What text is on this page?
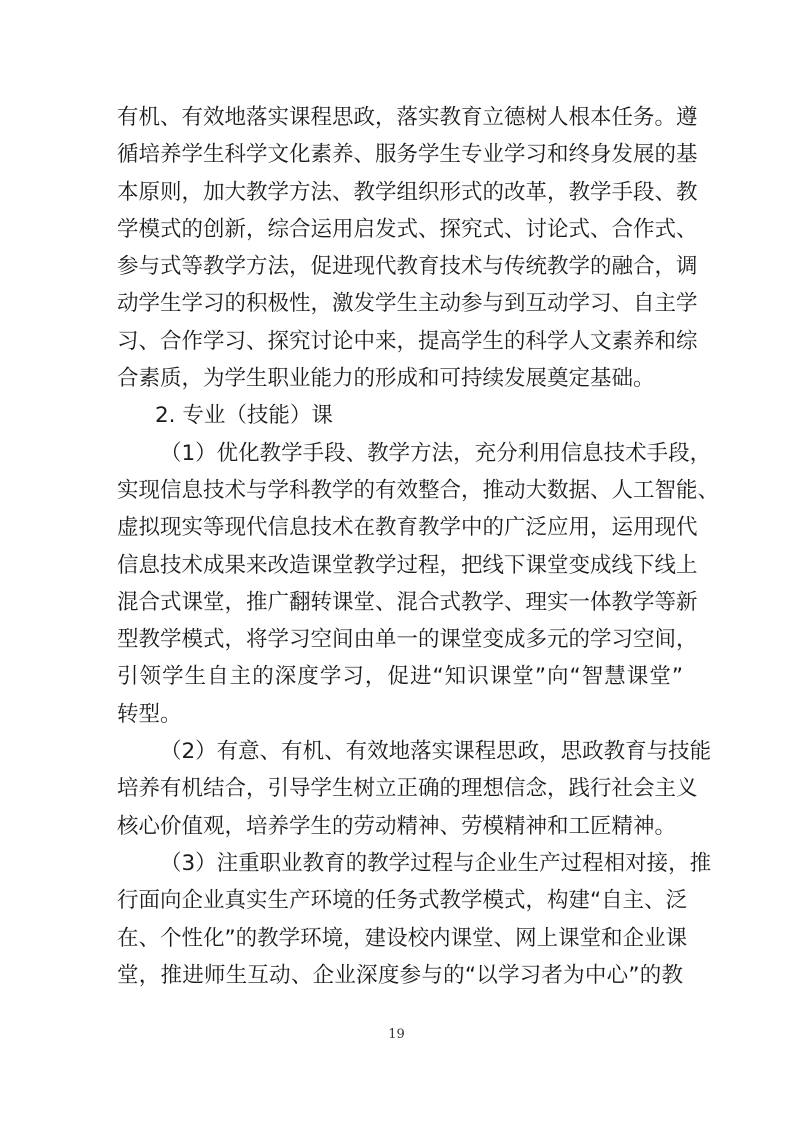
有机、有效地落实课程思政，落实教育立德树人根本任务。遵
循培养学生科学文化素养、服务学生专业学习和终身发展的基
本原则，加大教学方法、教学组织形式的改革，教学手段、教
学模式的创新，综合运用启发式、探究式、讨论式、合作式、
参与式等教学方法，促进现代教育技术与传统教学的融合，调
动学生学习的积极性，激发学生主动参与到互动学习、自主学
习、合作学习、探究讨论中来，提高学生的科学人文素养和综
合素质，为学生职业能力的形成和可持续发展奠定基础。
2. 专业（技能）课
（1）优化教学手段、教学方法，充分利用信息技术手段，
实现信息技术与学科教学的有效整合，推动大数据、人工智能、
虚拟现实等现代信息技术在教育教学中的广泛应用，运用现代
信息技术成果来改造课堂教学过程，把线下课堂变成线下线上
混合式课堂，推广翻转课堂、混合式教学、理实一体教学等新
型教学模式，将学习空间由单一的课堂变成多元的学习空间，
引领学生自主的深度学习，促进“知识课堂”向“智慧课堂”
转型。
（2）有意、有机、有效地落实课程思政，思政教育与技能
培养有机结合，引导学生树立正确的理想信念，践行社会主义
核心价值观，培养学生的劳动精神、劳模精神和工匠精神。
（3）注重职业教育的教学过程与企业生产过程相对接，推
行面向企业真实生产环境的任务式教学模式，构建“自主、泛
在、个性化”的教学环境，建设校内课堂、网上课堂和企业课
堂，推进师生互动、企业深度参与的“以学习者为中心”的教
19
